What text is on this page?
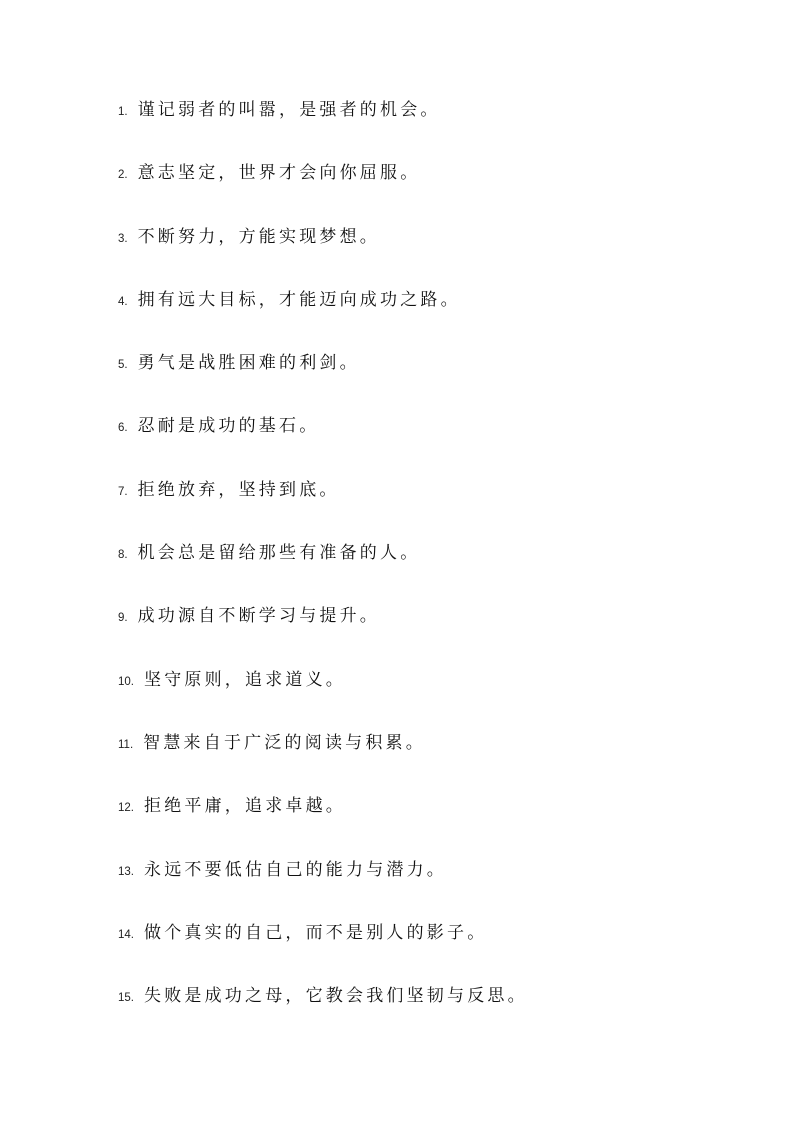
1. 谨记弱者的叫嚣，是强者的机会。
2. 意志坚定，世界才会向你屈服。
3. 不断努力，方能实现梦想。
4. 拥有远大目标，才能迈向成功之路。
5. 勇气是战胜困难的利剑。
6. 忍耐是成功的基石。
7. 拒绝放弃，坚持到底。
8. 机会总是留给那些有准备的人。
9. 成功源自不断学习与提升。
10. 坚守原则，追求道义。
11. 智慧来自于广泛的阅读与积累。
12. 拒绝平庸，追求卓越。
13. 永远不要低估自己的能力与潜力。
14. 做个真实的自己，而不是别人的影子。
15. 失败是成功之母，它教会我们坚韧与反思。
